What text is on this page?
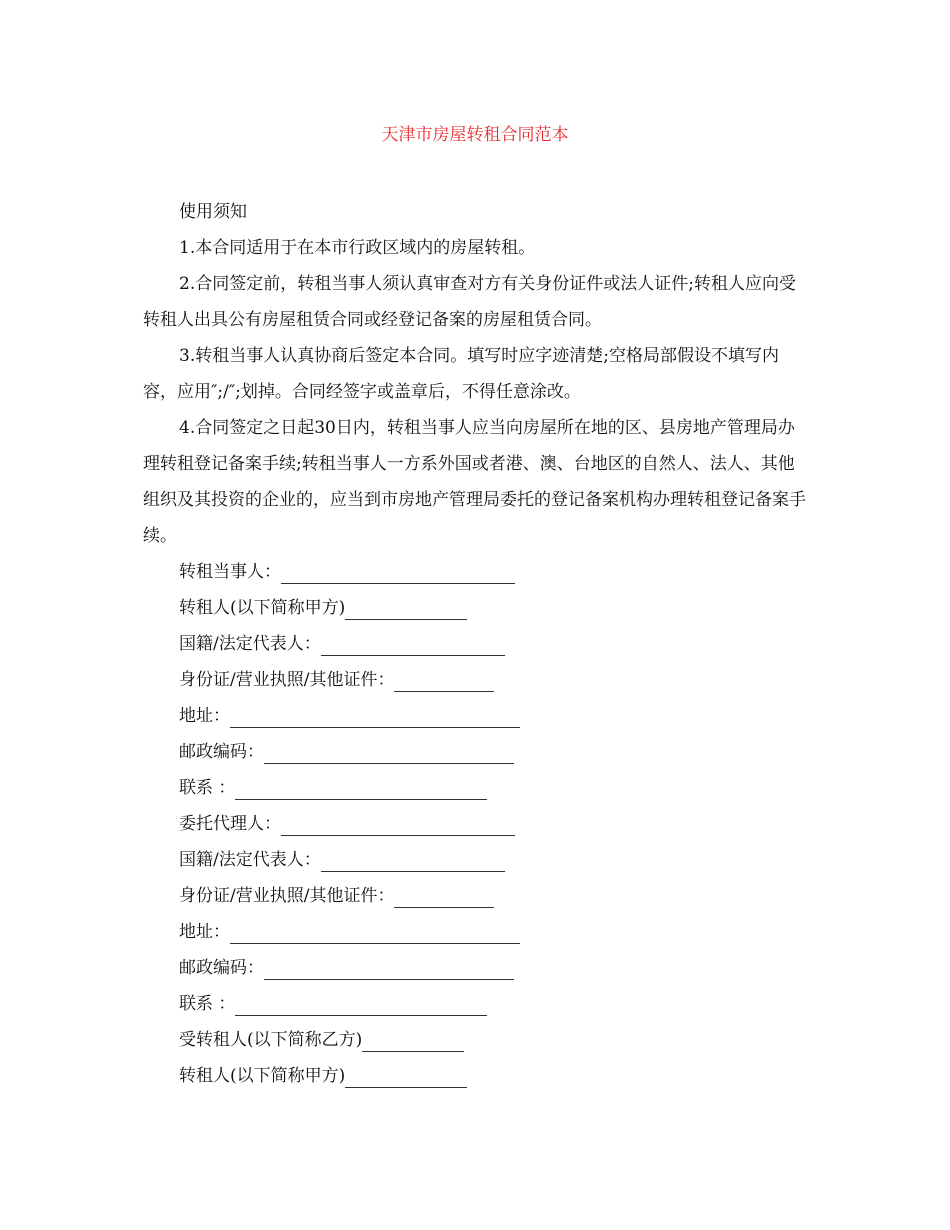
天津市房屋转租合同范本

使用须知

1.本合同适用于在本市行政区域内的房屋转租。

2.合同签定前，转租当事人须认真审查对方有关身份证件或法人证件;转租人应向受转租人出具公有房屋租赁合同或经登记备案的房屋租赁合同。

3.转租当事人认真协商后签定本合同。填写时应字迹清楚;空格局部假设不填写内容，应用″;/″;划掉。合同经签字或盖章后，不得任意涂改。

4.合同签定之日起30日内，转租当事人应当向房屋所在地的区、县房地产管理局办理转租登记备案手续;转租当事人一方系外国或者港、澳、台地区的自然人、法人、其他组织及其投资的企业的，应当到市房地产管理局委托的登记备案机构办理转租登记备案手续。

转租当事人：
转租人(以下简称甲方)
国籍/法定代表人：
身份证/营业执照/其他证件：
地址：
邮政编码：
联系 ：
委托代理人：
国籍/法定代表人：
身份证/营业执照/其他证件：
地址：
邮政编码：
联系 ：
受转租人(以下简称乙方)
转租人(以下简称甲方)
